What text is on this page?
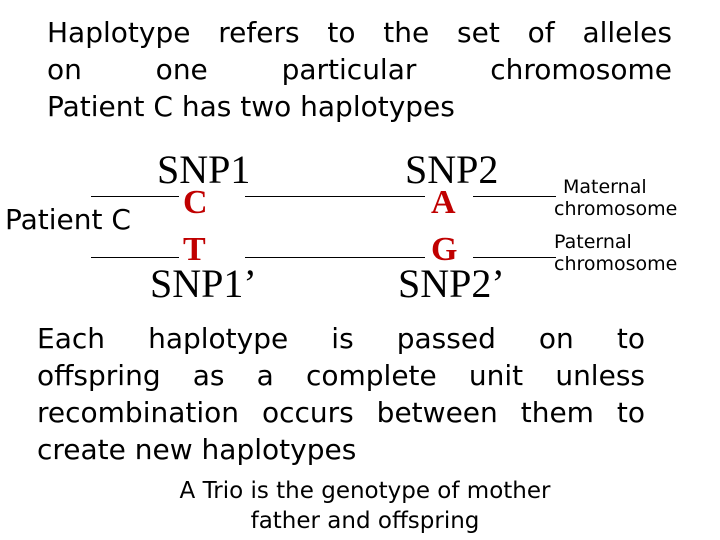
Haplotype refers to the set of alleles
on one particular chromosome
Patient C has two haplotypes
SNP1	SNP2
Patient C C	A
T	G
SNP1’	SNP2’
Maternal
chromosome
Paternal
chromosome
Each haplotype is passed on to
offspring as a complete unit unless
recombination occurs between them to
create new haplotypes
A Trio is the genotype of mother
father and offspring
